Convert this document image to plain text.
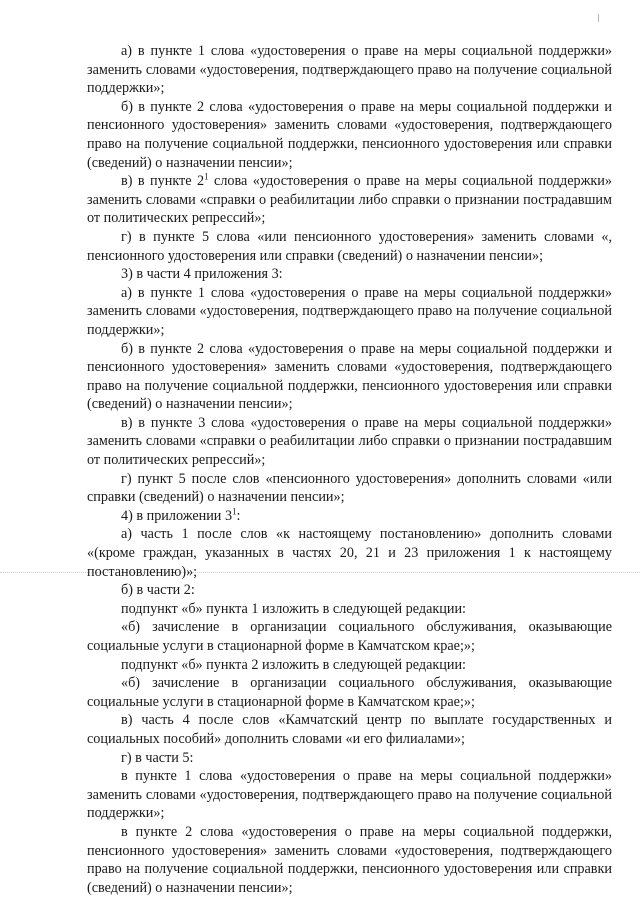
а) в пункте 1 слова «удостоверения о праве на меры социальной поддержки» заменить словами «удостоверения, подтверждающего право на получение социальной поддержки»;

б) в пункте 2 слова «удостоверения о праве на меры социальной поддержки и пенсионного удостоверения» заменить словами «удостоверения, подтверждающего право на получение социальной поддержки, пенсионного удостоверения или справки (сведений) о назначении пенсии»;

в) в пункте $2^1$ слова «удостоверения о праве на меры социальной поддержки» заменить словами «справки о реабилитации либо справки о признании пострадавшим от политических репрессий»;

г) в пункте 5 слова «или пенсионного удостоверения» заменить словами «, пенсионного удостоверения или справки (сведений) о назначении пенсии»;

3) в части 4 приложения 3:

а) в пункте 1 слова «удостоверения о праве на меры социальной поддержки» заменить словами «удостоверения, подтверждающего право на получение социальной поддержки»;

б) в пункте 2 слова «удостоверения о праве на меры социальной поддержки и пенсионного удостоверения» заменить словами «удостоверения, подтверждающего право на получение социальной поддержки, пенсионного удостоверения или справки (сведений) о назначении пенсии»;

в) в пункте 3 слова «удостоверения о праве на меры социальной поддержки» заменить словами «справки о реабилитации либо справки о признании пострадавшим от политических репрессий»;

г) пункт 5 после слов «пенсионного удостоверения» дополнить словами «или справки (сведений) о назначении пенсии»;

4) в приложении $3^1$:

а) часть 1 после слов «к настоящему постановлению» дополнить словами «(кроме граждан, указанных в частях 20, 21 и 23 приложения 1 к настоящему постановлению)»;

б) в части 2:

подпункт «б» пункта 1 изложить в следующей редакции:

«б) зачисление в организации социального обслуживания, оказывающие социальные услуги в стационарной форме в Камчатском крае;»;

подпункт «б» пункта 2 изложить в следующей редакции:

«б) зачисление в организации социального обслуживания, оказывающие социальные услуги в стационарной форме в Камчатском крае;»;

в) часть 4 после слов «Камчатский центр по выплате государственных и социальных пособий» дополнить словами «и его филиалами»;

г) в части 5:

в пункте 1 слова «удостоверения о праве на меры социальной поддержки» заменить словами «удостоверения, подтверждающего право на получение социальной поддержки»;

в пункте 2 слова «удостоверения о праве на меры социальной поддержки, пенсионного удостоверения» заменить словами «удостоверения, подтверждающего право на получение социальной поддержки, пенсионного удостоверения или справки (сведений) о назначении пенсии»;
